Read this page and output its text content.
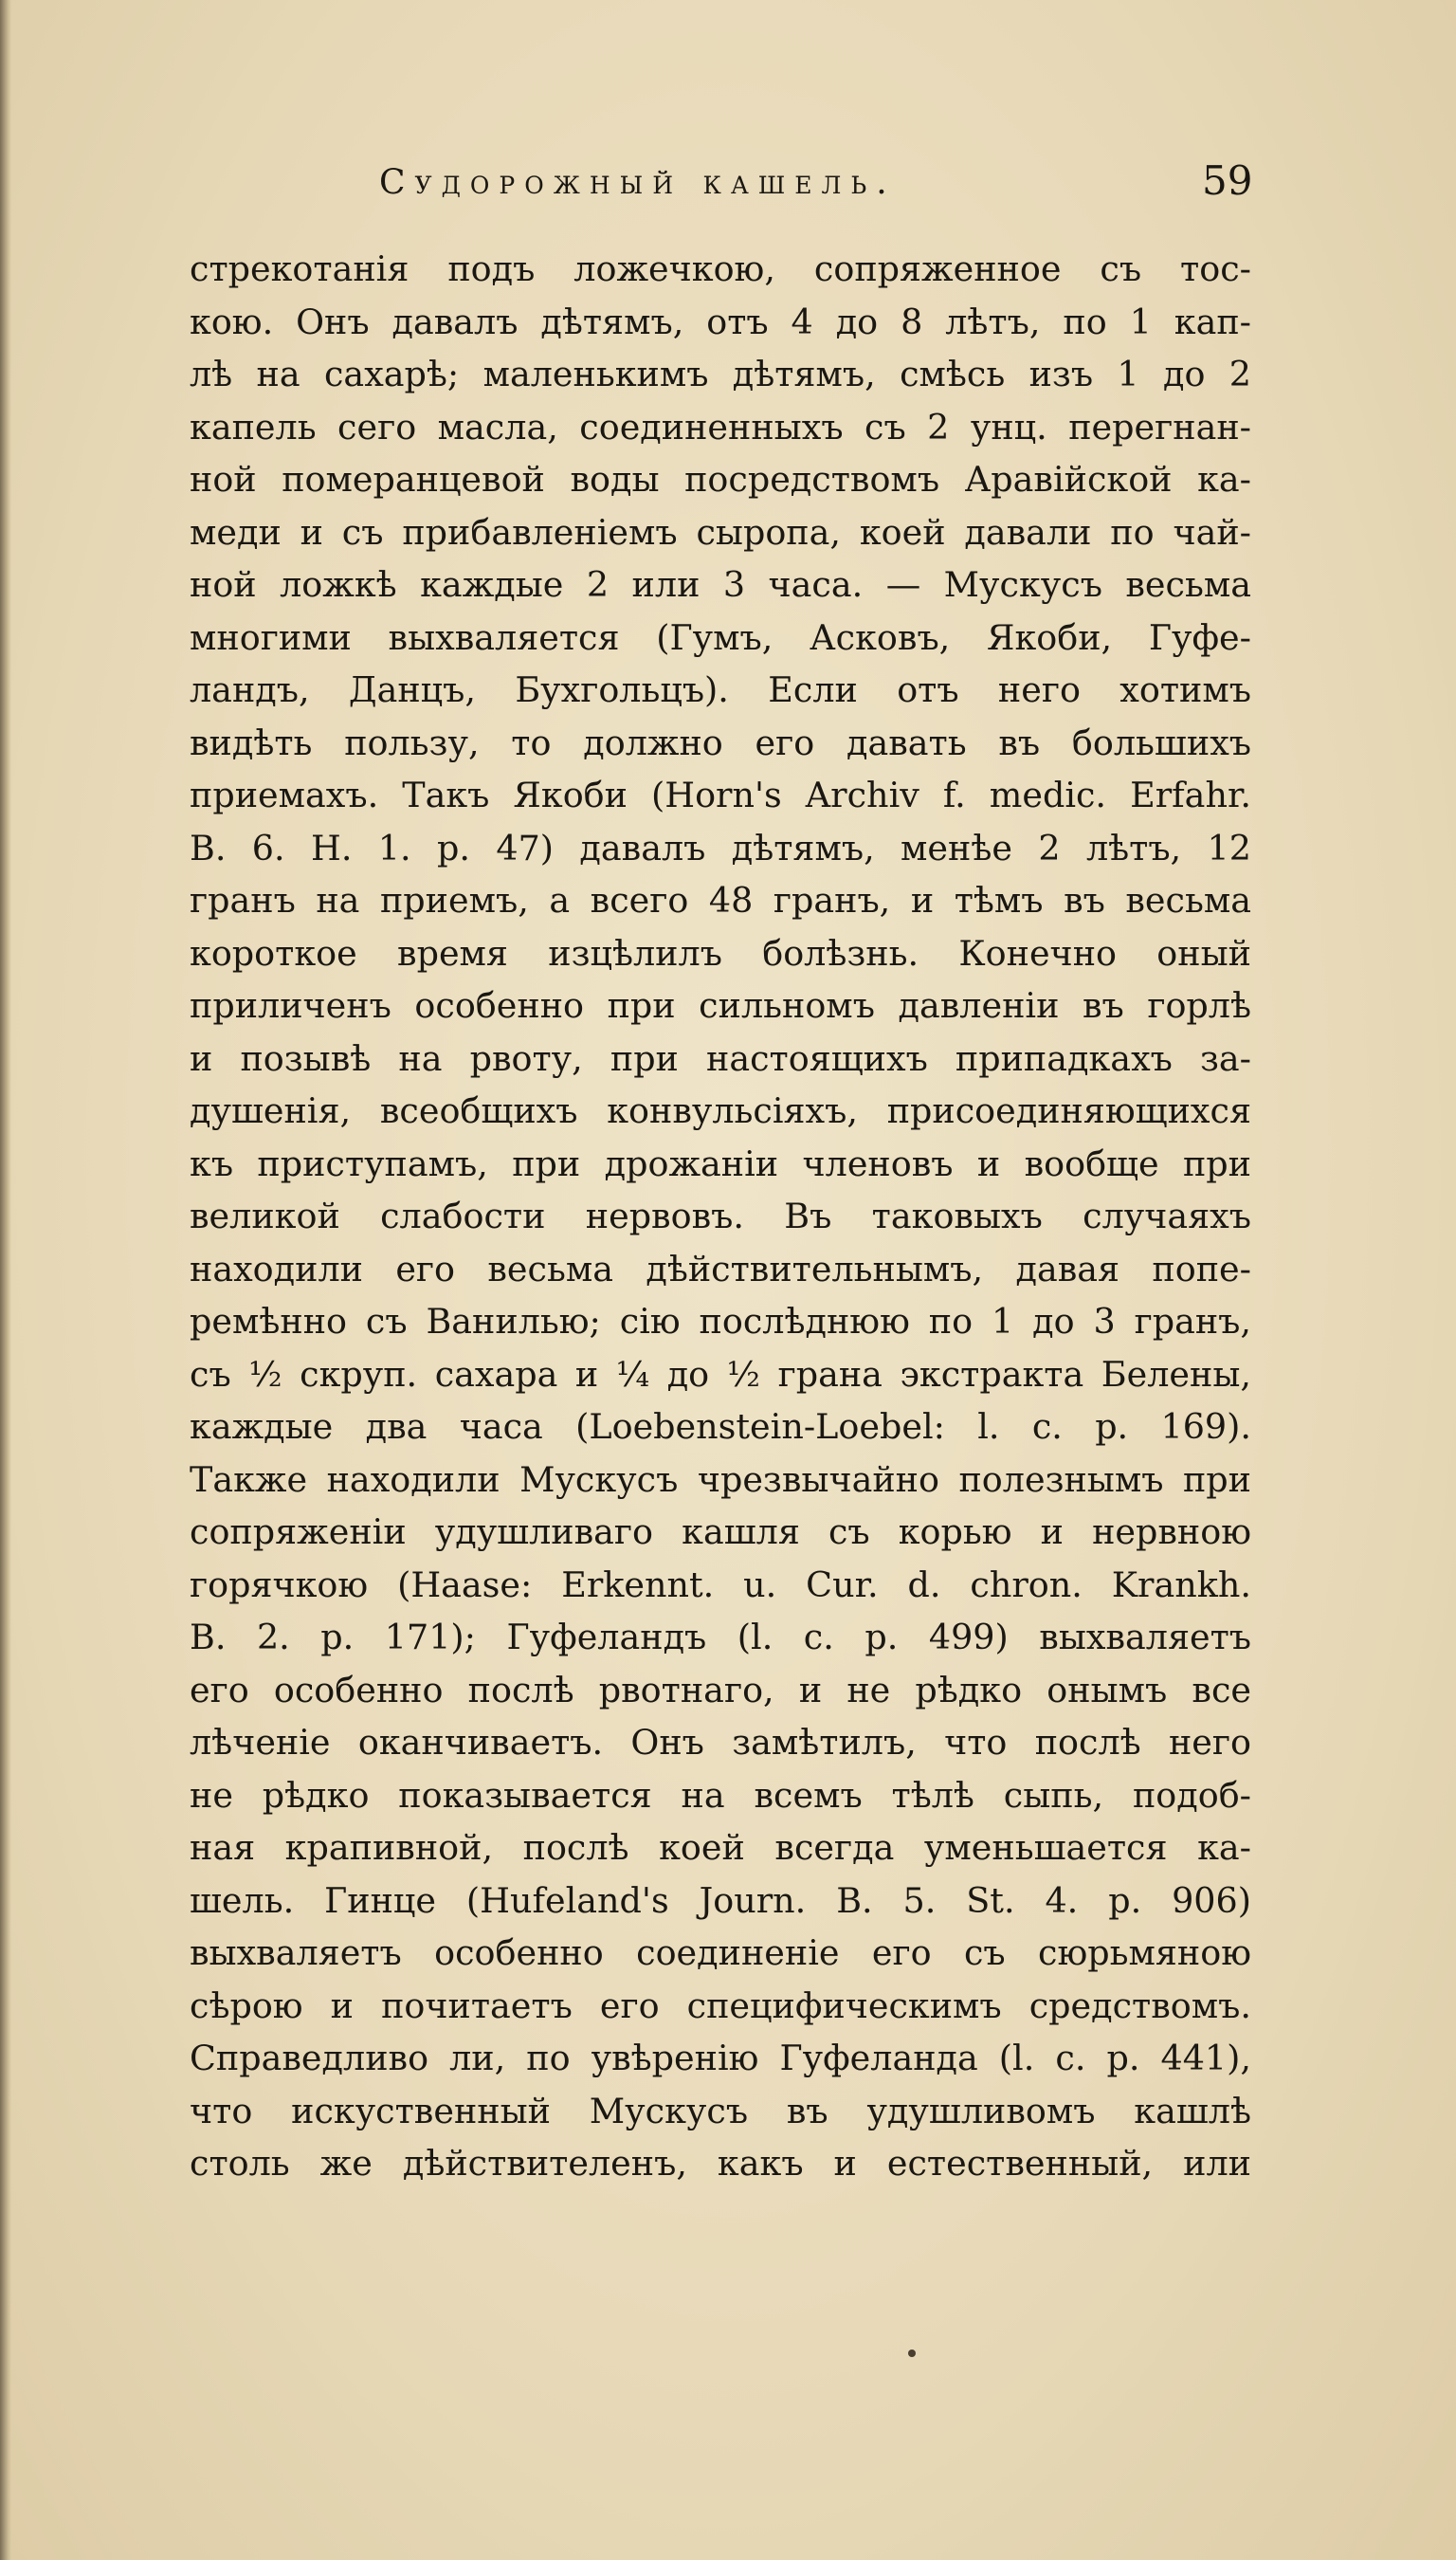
Судорожный кашель.	59
стрекотанія подъ ложечкою, сопряженное съ тос-
кою. Онъ давалъ дѣтямъ, отъ 4 до 8 лѣтъ, по 1 кап-
лѣ на сахарѣ; маленькимъ дѣтямъ, смѣсь изъ 1 до 2
капель сего масла, соединенныхъ съ 2 унц. перегнан-
ной померанцевой воды посредствомъ Аравійской ка-
меди и съ прибавленіемъ сыропа, коей давали по чай-
ной ложкѣ каждые 2 или 3 часа. — Мускусъ весьма
многими выхваляется (Гумъ, Асковъ, Якоби, Гуфе-
ландъ, Данцъ, Бухгольцъ). Если отъ него хотимъ
видѣть пользу, то должно его давать въ большихъ
приемахъ. Такъ Якоби (Horn's Archiv f. medic. Erfahr.
B. 6. H. 1. p. 47) давалъ дѣтямъ, менѣе 2 лѣтъ, 12
гранъ на приемъ, а всего 48 гранъ, и тѣмъ въ весьма
короткое время изцѣлилъ болѣзнь. Конечно оный
приличенъ особенно при сильномъ давленіи въ горлѣ
и позывѣ на рвоту, при настоящихъ припадкахъ за-
душенія, всеобщихъ конвульсіяхъ, присоединяющихся
къ приступамъ, при дрожаніи членовъ и вообще при
великой слабости нервовъ. Въ таковыхъ случаяхъ
находили его весьма дѣйствительнымъ, давая попе-
ремѣнно съ Ванилью; сію послѣднюю по 1 до 3 гранъ,
съ ½ скруп. сахара и ¼ до ½ грана экстракта Белены,
каждые два часа (Loebenstein-Loebel: l. c. p. 169).
Также находили Мускусъ чрезвычайно полезнымъ при
сопряженіи удушливаго кашля съ корью и нервною
горячкою (Haase: Erkennt. u. Cur. d. chron. Krankh.
B. 2. p. 171); Гуфеландъ (l. c. p. 499) выхваляетъ
его особенно послѣ рвотнаго, и не рѣдко онымъ все
лѣченіе оканчиваетъ. Онъ замѣтилъ, что послѣ него
не рѣдко показывается на всемъ тѣлѣ сыпь, подоб-
ная крапивной, послѣ коей всегда уменьшается ка-
шель. Гинце (Hufeland's Journ. B. 5. St. 4. p. 906)
выхваляетъ особенно соединеніе его съ сюрьмяною
сѣрою и почитаетъ его специфическимъ средствомъ.
Справедливо ли, по увѣренію Гуфеланда (l. c. p. 441),
что искуственный Мускусъ въ удушливомъ кашлѣ
столь же дѣйствителенъ, какъ и естественный, или
